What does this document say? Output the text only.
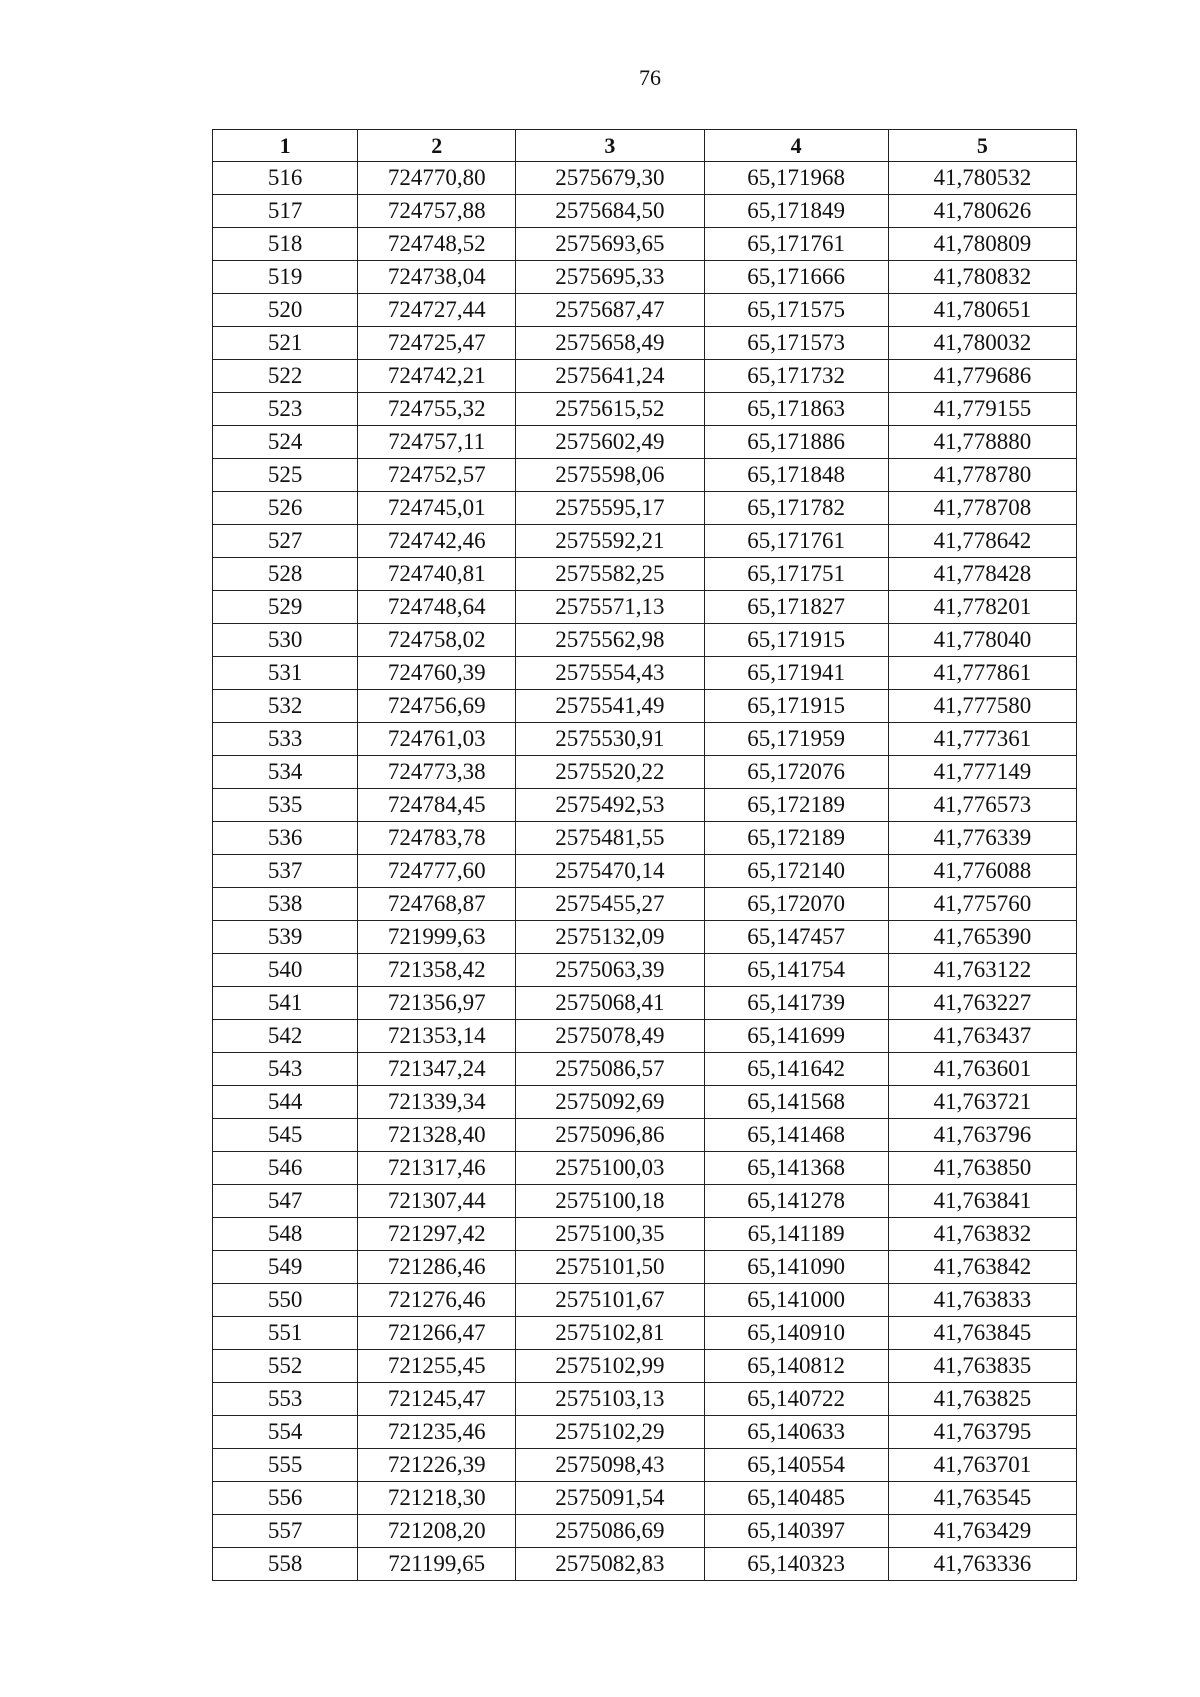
76
1	2	3	4	5
516	724770,80	2575679,30	65,171968	41,780532
517	724757,88	2575684,50	65,171849	41,780626
518	724748,52	2575693,65	65,171761	41,780809
519	724738,04	2575695,33	65,171666	41,780832
520	724727,44	2575687,47	65,171575	41,780651
521	724725,47	2575658,49	65,171573	41,780032
522	724742,21	2575641,24	65,171732	41,779686
523	724755,32	2575615,52	65,171863	41,779155
524	724757,11	2575602,49	65,171886	41,778880
525	724752,57	2575598,06	65,171848	41,778780
526	724745,01	2575595,17	65,171782	41,778708
527	724742,46	2575592,21	65,171761	41,778642
528	724740,81	2575582,25	65,171751	41,778428
529	724748,64	2575571,13	65,171827	41,778201
530	724758,02	2575562,98	65,171915	41,778040
531	724760,39	2575554,43	65,171941	41,777861
532	724756,69	2575541,49	65,171915	41,777580
533	724761,03	2575530,91	65,171959	41,777361
534	724773,38	2575520,22	65,172076	41,777149
535	724784,45	2575492,53	65,172189	41,776573
536	724783,78	2575481,55	65,172189	41,776339
537	724777,60	2575470,14	65,172140	41,776088
538	724768,87	2575455,27	65,172070	41,775760
539	721999,63	2575132,09	65,147457	41,765390
540	721358,42	2575063,39	65,141754	41,763122
541	721356,97	2575068,41	65,141739	41,763227
542	721353,14	2575078,49	65,141699	41,763437
543	721347,24	2575086,57	65,141642	41,763601
544	721339,34	2575092,69	65,141568	41,763721
545	721328,40	2575096,86	65,141468	41,763796
546	721317,46	2575100,03	65,141368	41,763850
547	721307,44	2575100,18	65,141278	41,763841
548	721297,42	2575100,35	65,141189	41,763832
549	721286,46	2575101,50	65,141090	41,763842
550	721276,46	2575101,67	65,141000	41,763833
551	721266,47	2575102,81	65,140910	41,763845
552	721255,45	2575102,99	65,140812	41,763835
553	721245,47	2575103,13	65,140722	41,763825
554	721235,46	2575102,29	65,140633	41,763795
555	721226,39	2575098,43	65,140554	41,763701
556	721218,30	2575091,54	65,140485	41,763545
557	721208,20	2575086,69	65,140397	41,763429
558	721199,65	2575082,83	65,140323	41,763336
